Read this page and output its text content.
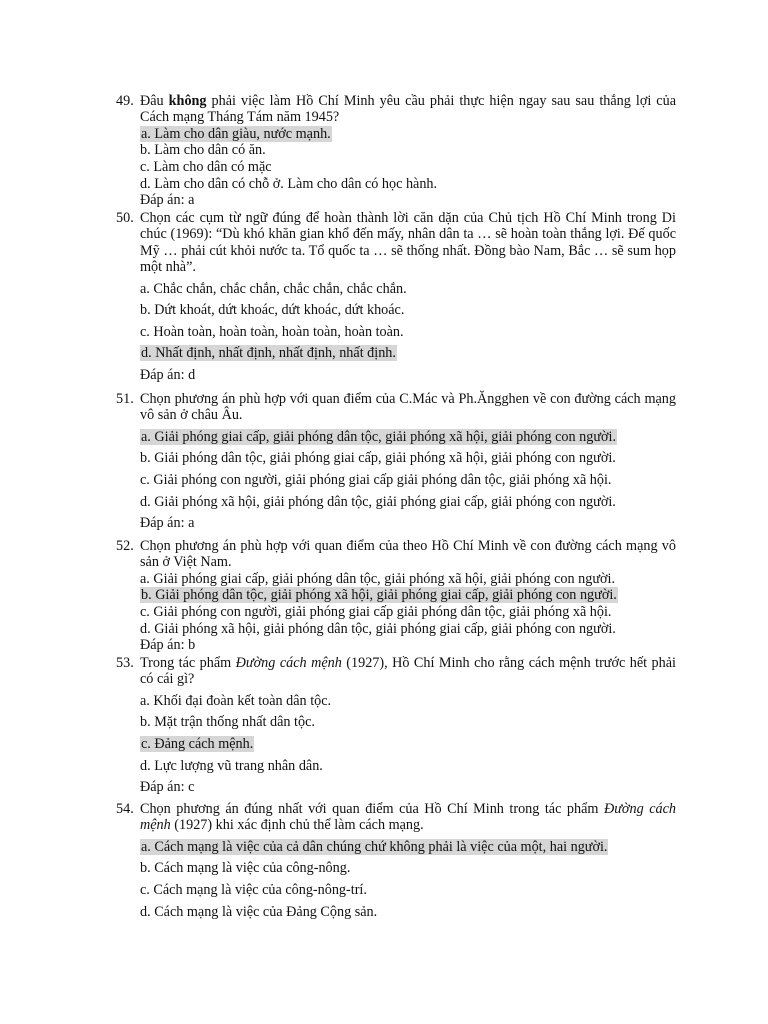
49. Đâu không phải việc làm Hồ Chí Minh yêu cầu phải thực hiện ngay sau sau thắng lợi của Cách mạng Tháng Tám năm 1945?
a. Làm cho dân giàu, nước mạnh.
b. Làm cho dân có ăn.
c. Làm cho dân có mặc
d. Làm cho dân có chỗ ở. Làm cho dân có học hành.
Đáp án: a
50. Chọn các cụm từ ngữ đúng để hoàn thành lời căn dặn của Chủ tịch Hồ Chí Minh trong Di chúc (1969): “Dù khó khăn gian khổ đến mấy, nhân dân ta … sẽ hoàn toàn thắng lợi. Đế quốc Mỹ … phải cút khỏi nước ta. Tổ quốc ta … sẽ thống nhất. Đồng bào Nam, Bắc … sẽ sum họp một nhà”.
a. Chắc chắn, chắc chắn, chắc chắn, chắc chắn.
b. Dứt khoát, dứt khoác, dứt khoác, dứt khoác.
c. Hoàn toàn, hoàn toàn, hoàn toàn, hoàn toàn.
d. Nhất định, nhất định, nhất định, nhất định.
Đáp án: d
51. Chọn phương án phù hợp với quan điểm của C.Mác và Ph.Ăngghen về con đường cách mạng vô sản ở châu Âu.
a. Giải phóng giai cấp, giải phóng dân tộc, giải phóng xã hội, giải phóng con người.
b. Giải phóng dân tộc, giải phóng giai cấp, giải phóng xã hội, giải phóng con người.
c. Giải phóng con người, giải phóng giai cấp giải phóng dân tộc, giải phóng xã hội.
d. Giải phóng xã hội, giải phóng dân tộc, giải phóng giai cấp, giải phóng con người.
Đáp án: a
52. Chọn phương án phù hợp với quan điểm của theo Hồ Chí Minh về con đường cách mạng vô sản ở Việt Nam.
a. Giải phóng giai cấp, giải phóng dân tộc, giải phóng xã hội, giải phóng con người.
b. Giải phóng dân tộc, giải phóng xã hội, giải phóng giai cấp, giải phóng con người.
c. Giải phóng con người, giải phóng giai cấp giải phóng dân tộc, giải phóng xã hội.
d. Giải phóng xã hội, giải phóng dân tộc, giải phóng giai cấp, giải phóng con người.
Đáp án: b
53. Trong tác phẩm Đường cách mệnh (1927), Hồ Chí Minh cho rằng cách mệnh trước hết phải có cái gì?
a. Khối đại đoàn kết toàn dân tộc.
b. Mặt trận thống nhất dân tộc.
c. Đảng cách mệnh.
d. Lực lượng vũ trang nhân dân.
Đáp án: c
54. Chọn phương án đúng nhất với quan điểm của Hồ Chí Minh trong tác phẩm Đường cách mệnh (1927) khi xác định chủ thể làm cách mạng.
a. Cách mạng là việc của cả dân chúng chứ không phải là việc của một, hai người.
b. Cách mạng là việc của công-nông.
c. Cách mạng là việc của công-nông-trí.
d. Cách mạng là việc của Đảng Cộng sản.
